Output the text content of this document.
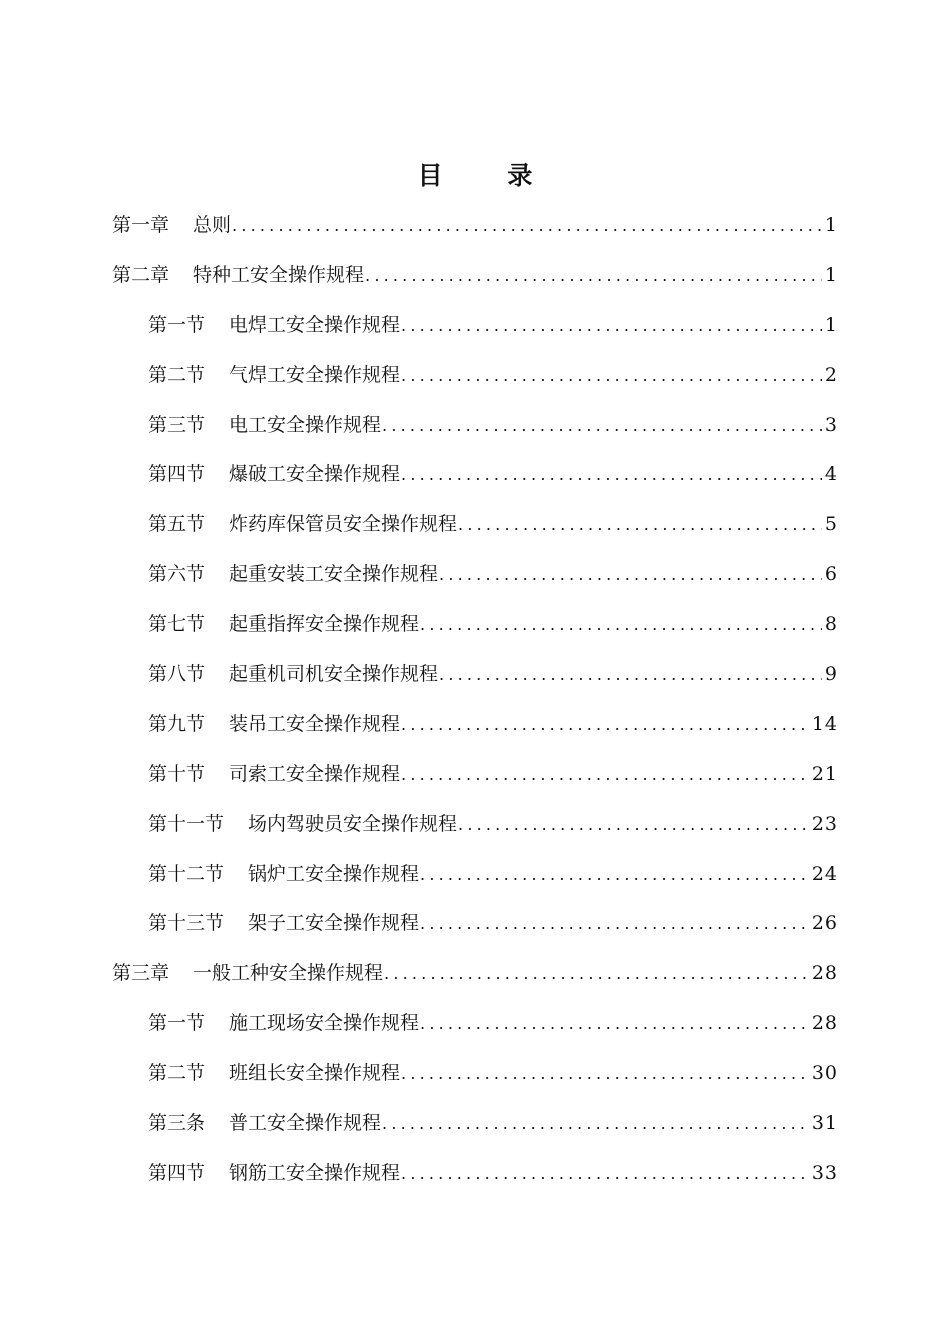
目 录
第一章 总则 .....	1
第二章 特种工安全操作规程 .....	1
第一节 电焊工安全操作规程 .....	1
第二节 气焊工安全操作规程 .....	2
第三节 电工安全操作规程 .....	3
第四节 爆破工安全操作规程 .....	4
第五节 炸药库保管员安全操作规程 .....	5
第六节 起重安装工安全操作规程 .....	6
第七节 起重指挥安全操作规程 .....	8
第八节 起重机司机安全操作规程 .....	9
第九节 装吊工安全操作规程 .....	14
第十节 司索工安全操作规程 .....	21
第十一节 场内驾驶员安全操作规程 .....	23
第十二节 锅炉工安全操作规程 .....	24
第十三节 架子工安全操作规程 .....	26
第三章 一般工种安全操作规程 .....	28
第一节 施工现场安全操作规程 .....	28
第二节 班组长安全操作规程 .....	30
第三条 普工安全操作规程 .....	31
第四节 钢筋工安全操作规程 .....	33
